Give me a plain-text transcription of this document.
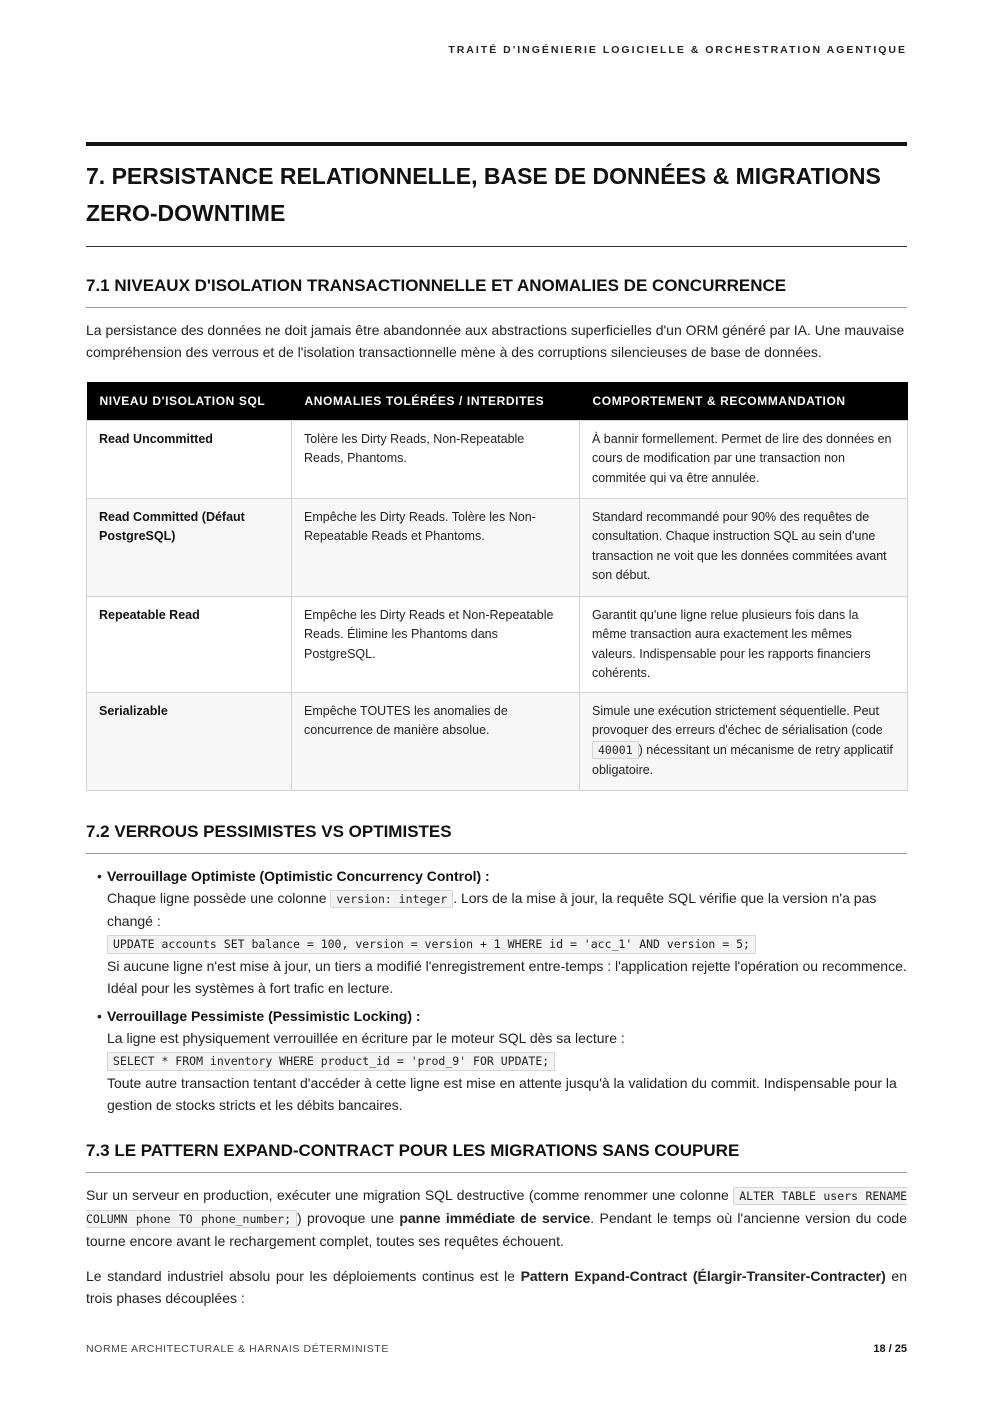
TRAITÉ D'INGÉNIERIE LOGICIELLE & ORCHESTRATION AGENTIQUE
7. PERSISTANCE RELATIONNELLE, BASE DE DONNÉES & MIGRATIONS ZERO-DOWNTIME
7.1 NIVEAUX D'ISOLATION TRANSACTIONNELLE ET ANOMALIES DE CONCURRENCE

La persistance des données ne doit jamais être abandonnée aux abstractions superficielles d'un ORM généré par IA. Une mauvaise compréhension des verrous et de l'isolation transactionnelle mène à des corruptions silencieuses de base de données.

NIVEAU D'ISOLATION SQL	ANOMALIES TOLÉRÉES / INTERDITES	COMPORTEMENT & RECOMMANDATION
Read Uncommitted	Tolère les Dirty Reads, Non-Repeatable Reads, Phantoms.	À bannir formellement. Permet de lire des données en cours de modification par une transaction non commitée qui va être annulée.
Read Committed (Défaut PostgreSQL)	Empêche les Dirty Reads. Tolère les Non-Repeatable Reads et Phantoms.	Standard recommandé pour 90% des requêtes de consultation. Chaque instruction SQL au sein d'une transaction ne voit que les données commitées avant son début.
Repeatable Read	Empêche les Dirty Reads et Non-Repeatable Reads. Élimine les Phantoms dans PostgreSQL.	Garantit qu'une ligne relue plusieurs fois dans la même transaction aura exactement les mêmes valeurs. Indispensable pour les rapports financiers cohérents.
Serializable	Empêche TOUTES les anomalies de concurrence de manière absolue.	Simule une exécution strictement séquentielle. Peut provoquer des erreurs d'échec de sérialisation (code 40001 ) nécessitant un mécanisme de retry applicatif obligatoire.
7.2 VERROUS PESSIMISTES VS OPTIMISTES
• Verrouillage Optimiste (Optimistic Concurrency Control) :
Chaque ligne possède une colonne version: integer . Lors de la mise à jour, la requête SQL vérifie que la version n'a pas changé :
UPDATE accounts SET balance = 100, version = version + 1 WHERE id = 'acc_1' AND version = 5;
Si aucune ligne n'est mise à jour, un tiers a modifié l'enregistrement entre-temps : l'application rejette l'opération ou recommence. Idéal pour les systèmes à fort trafic en lecture.
• Verrouillage Pessimiste (Pessimistic Locking) :
La ligne est physiquement verrouillée en écriture par le moteur SQL dès sa lecture :
SELECT * FROM inventory WHERE product_id = 'prod_9' FOR UPDATE;
Toute autre transaction tentant d'accéder à cette ligne est mise en attente jusqu'à la validation du commit. Indispensable pour la gestion de stocks stricts et les débits bancaires.
7.3 LE PATTERN EXPAND-CONTRACT POUR LES MIGRATIONS SANS COUPURE

Sur un serveur en production, exécuter une migration SQL destructive (comme renommer une colonne ALTER TABLE users RENAME COLUMN phone TO phone_number; ) provoque une panne immédiate de service. Pendant le temps où l'ancienne version du code tourne encore avant le rechargement complet, toutes ses requêtes échouent.

Le standard industriel absolu pour les déploiements continus est le Pattern Expand-Contract (Élargir-Transiter-Contracter) en trois phases découplées :

NORME ARCHITECTURALE & HARNAIS DÉTERMINISTE	18 / 25
